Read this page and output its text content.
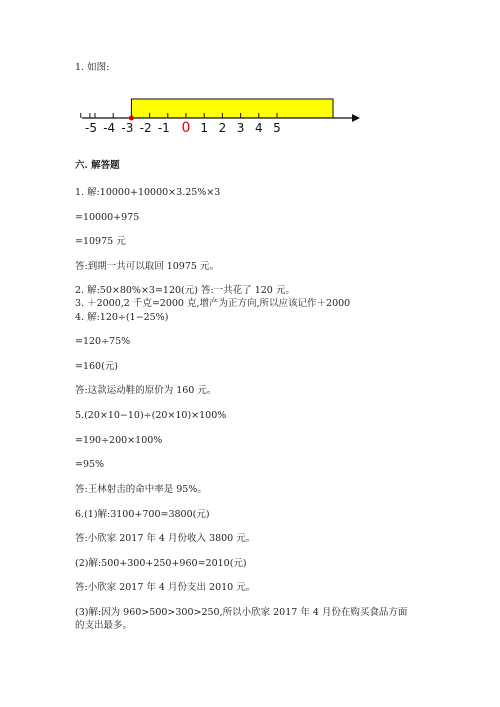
1. 如图:
-5 -4 -3 -2 -1 0 1 2 3 4 5
六. 解答题
1. 解:10000+10000×3.25%×3
=10000+975
=10975 元
答:到期一共可以取回 10975 元。
2. 解:50×80%×3=120(元) 答:一共花了 120 元。
3. ＋2000,2 千克=2000 克,增产为正方向,所以应该记作＋2000
4. 解:120÷(1−25%)
=120÷75%
=160(元)
答:这款运动鞋的原价为 160 元。
5.(20×10−10)÷(20×10)×100%
=190÷200×100%
=95%
答:王林射击的命中率是 95%。
6.(1)解:3100+700=3800(元)
答:小欣家 2017 年 4 月份收入 3800 元。
(2)解:500+300+250+960=2010(元)
答:小欣家 2017 年 4 月份支出 2010 元。
(3)解:因为 960>500>300>250,所以小欣家 2017 年 4 月份在购买食品方面
的支出最多。
